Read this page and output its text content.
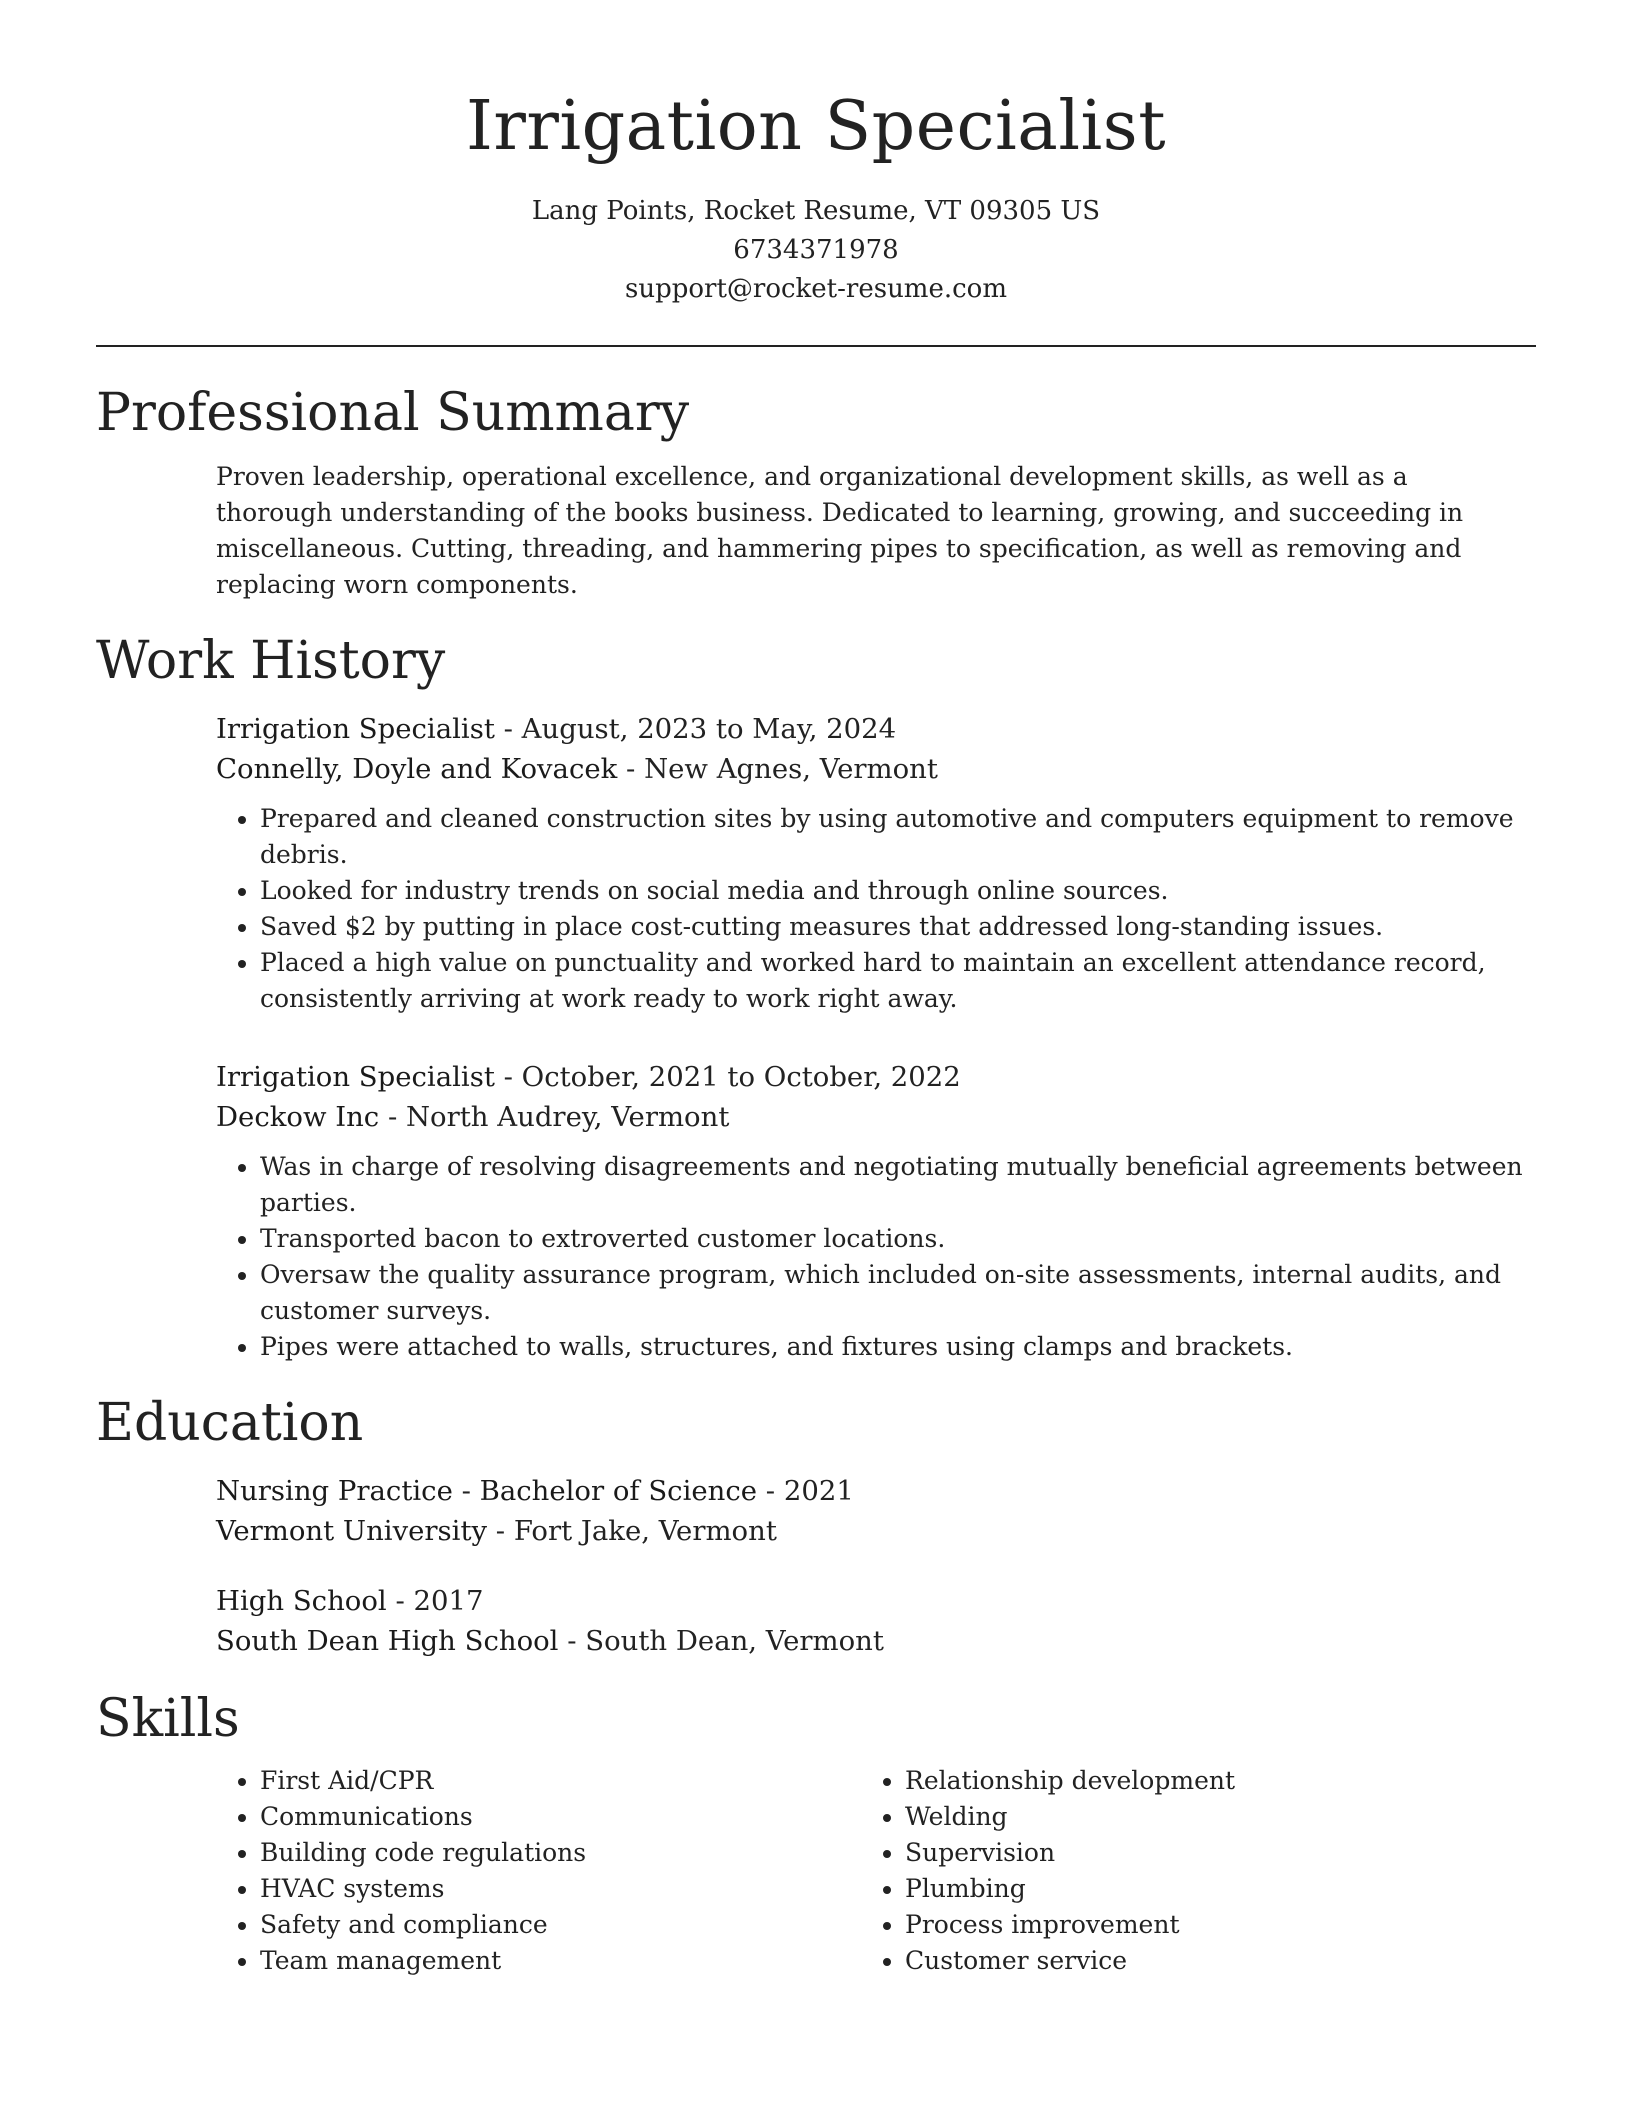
Irrigation Specialist
Lang Points, Rocket Resume, VT 09305 US
6734371978
support@rocket-resume.com
Professional Summary

Proven leadership, operational excellence, and organizational development skills, as well as a thorough understanding of the books business. Dedicated to learning, growing, and succeeding in miscellaneous. Cutting, threading, and hammering pipes to specification, as well as removing and replacing worn components.

Work History
Irrigation Specialist - August, 2023 to May, 2024
Connelly, Doyle and Kovacek - New Agnes, Vermont
• Prepared and cleaned construction sites by using automotive and computers equipment to remove debris.
• Looked for industry trends on social media and through online sources.
• Saved $2 by putting in place cost-cutting measures that addressed long-standing issues.
• Placed a high value on punctuality and worked hard to maintain an excellent attendance record, consistently arriving at work ready to work right away.
Irrigation Specialist - October, 2021 to October, 2022
Deckow Inc - North Audrey, Vermont
• Was in charge of resolving disagreements and negotiating mutually beneficial agreements between parties.
• Transported bacon to extroverted customer locations.
• Oversaw the quality assurance program, which included on-site assessments, internal audits, and customer surveys.
• Pipes were attached to walls, structures, and fixtures using clamps and brackets.
Education
Nursing Practice - Bachelor of Science - 2021
Vermont University - Fort Jake, Vermont
High School - 2017
South Dean High School - South Dean, Vermont
Skills
• First Aid/CPR
• Communications
• Building code regulations
• HVAC systems
• Safety and compliance
• Team management
• Relationship development
• Welding
• Supervision
• Plumbing
• Process improvement
• Customer service
